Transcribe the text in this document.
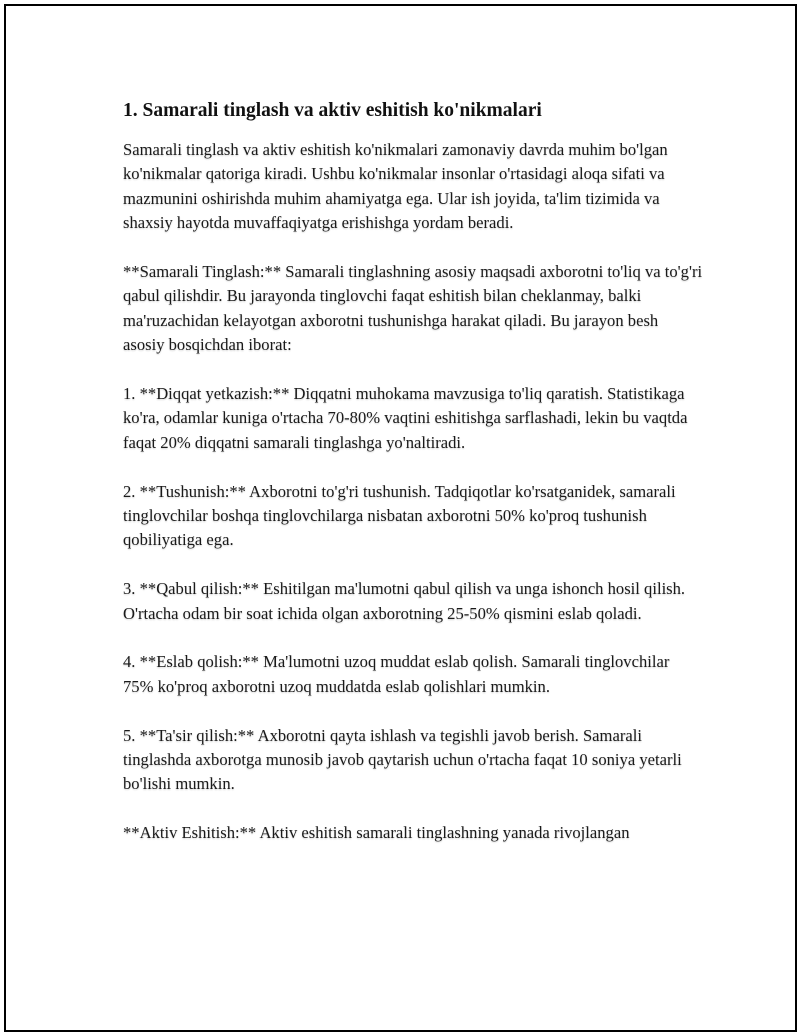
1. Samarali tinglash va aktiv eshitish ko'nikmalari

Samarali tinglash va aktiv eshitish ko'nikmalari zamonaviy davrda muhim bo'lgan ko'nikmalar qatoriga kiradi. Ushbu ko'nikmalar insonlar o'rtasidagi aloqa sifati va mazmunini oshirishda muhim ahamiyatga ega. Ular ish joyida, ta'lim tizimida va shaxsiy hayotda muvaffaqiyatga erishishga yordam beradi.

**Samarali Tinglash:** Samarali tinglashning asosiy maqsadi axborotni to'liq va to'g'ri qabul qilishdir. Bu jarayonda tinglovchi faqat eshitish bilan cheklanmay, balki ma'ruzachidan kelayotgan axborotni tushunishga harakat qiladi. Bu jarayon besh asosiy bosqichdan iborat:

1. **Diqqat yetkazish:** Diqqatni muhokama mavzusiga to'liq qaratish. Statistikaga ko'ra, odamlar kuniga o'rtacha 70-80% vaqtini eshitishga sarflashadi, lekin bu vaqtda faqat 20% diqqatni samarali tinglashga yo'naltiradi.

2. **Tushunish:** Axborotni to'g'ri tushunish. Tadqiqotlar ko'rsatganidek, samarali tinglovchilar boshqa tinglovchilarga nisbatan axborotni 50% ko'proq tushunish qobiliyatiga ega.

3. **Qabul qilish:** Eshitilgan ma'lumotni qabul qilish va unga ishonch hosil qilish. O'rtacha odam bir soat ichida olgan axborotning 25-50% qismini eslab qoladi.

4. **Eslab qolish:** Ma'lumotni uzoq muddat eslab qolish. Samarali tinglovchilar 75% ko'proq axborotni uzoq muddatda eslab qolishlari mumkin.

5. **Ta'sir qilish:** Axborotni qayta ishlash va tegishli javob berish. Samarali tinglashda axborotga munosib javob qaytarish uchun o'rtacha faqat 10 soniya yetarli bo'lishi mumkin.

**Aktiv Eshitish:** Aktiv eshitish samarali tinglashning yanada rivojlangan
